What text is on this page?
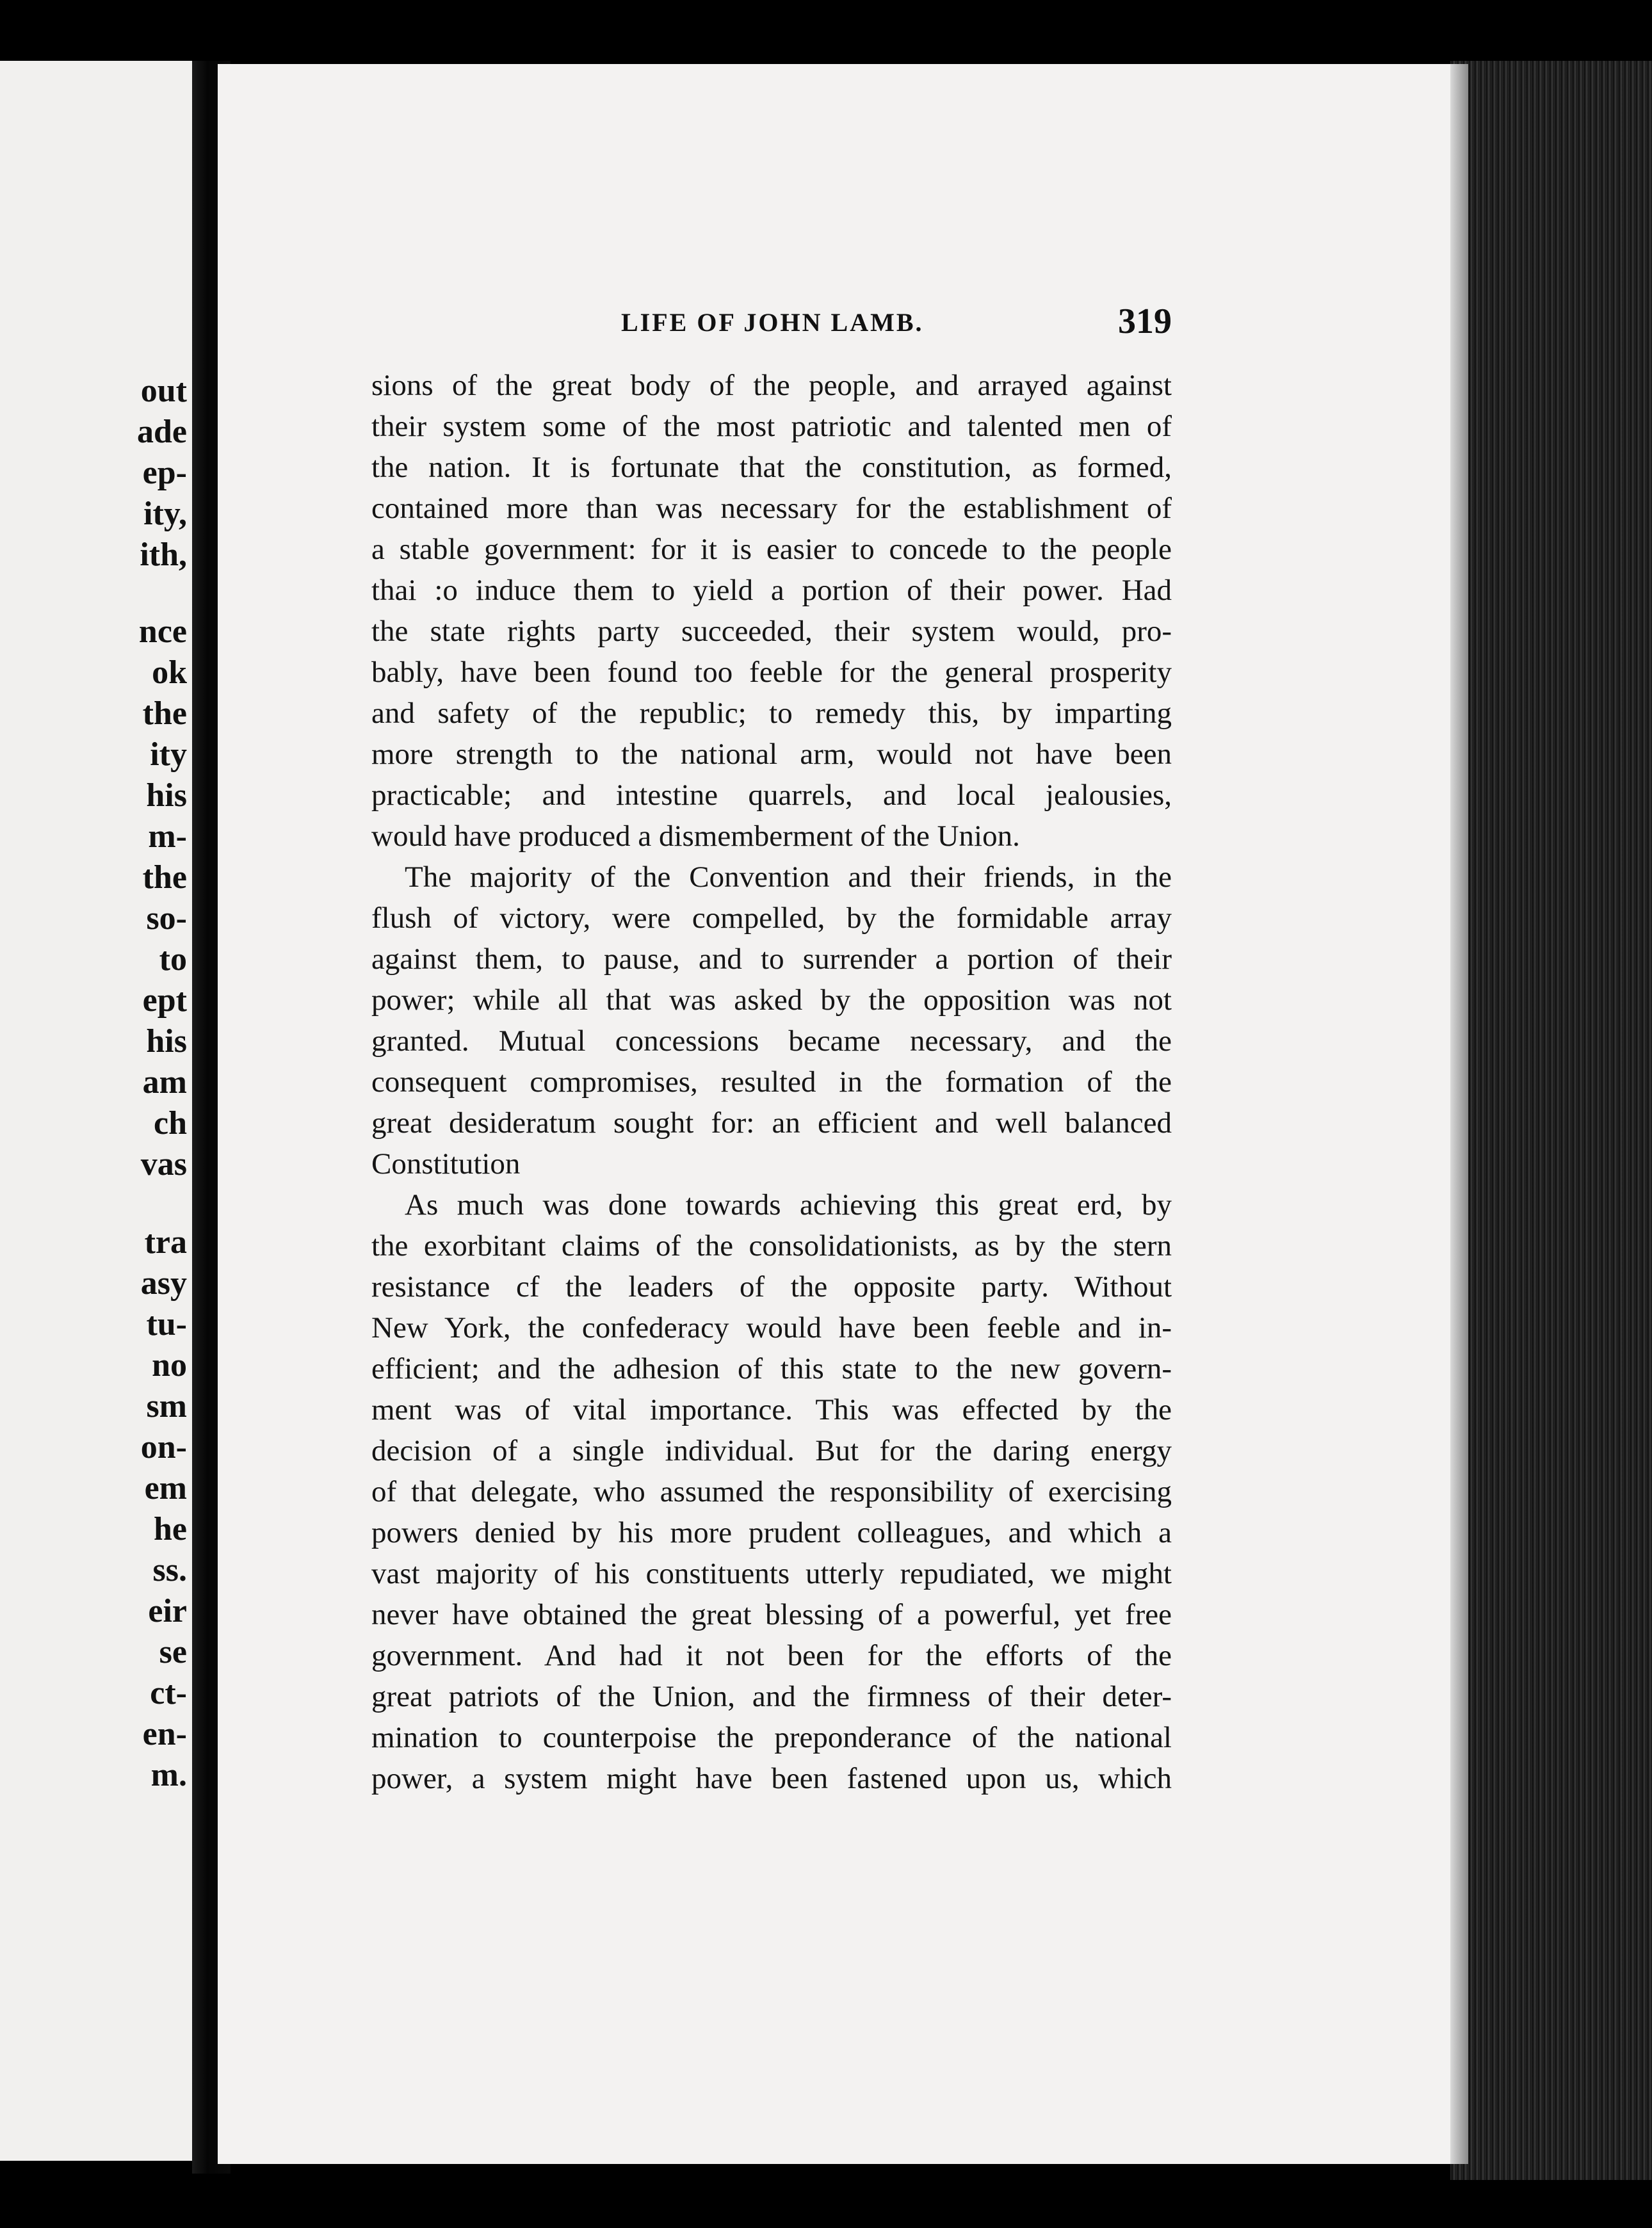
out
ade
ep-
ity,
ith,
nce
ok
the
ity
his
m-
the
so-
to
ept
his
am
ch
vas
tra
asy
tu-
no
sm
on-
em
he
ss.
eir
se
ct-
en-
m.
LIFE OF JOHN LAMB.	319
sions of the great body of the people, and arrayed against
their system some of the most patriotic and talented men of
the nation. It is fortunate that the constitution, as formed,
contained more than was necessary for the establishment of
a stable government: for it is easier to concede to the people
thai :o induce them to yield a portion of their power. Had
the state rights party succeeded, their system would, pro-
bably, have been found too feeble for the general prosperity
and safety of the republic; to remedy this, by imparting
more strength to the national arm, would not have been
practicable; and intestine quarrels, and local jealousies,
would have produced a dismemberment of the Union.
The majority of the Convention and their friends, in the
flush of victory, were compelled, by the formidable array
against them, to pause, and to surrender a portion of their
power; while all that was asked by the opposition was not
granted. Mutual concessions became necessary, and the
consequent compromises, resulted in the formation of the
great desideratum sought for: an efficient and well balanced
Constitution
As much was done towards achieving this great erd, by
the exorbitant claims of the consolidationists, as by the stern
resistance cf the leaders of the opposite party. Without
New York, the confederacy would have been feeble and in-
efficient; and the adhesion of this state to the new govern-
ment was of vital importance. This was effected by the
decision of a single individual. But for the daring energy
of that delegate, who assumed the responsibility of exercising
powers denied by his more prudent colleagues, and which a
vast majority of his constituents utterly repudiated, we might
never have obtained the great blessing of a powerful, yet free
government. And had it not been for the efforts of the
great patriots of the Union, and the firmness of their deter-
mination to counterpoise the preponderance of the national
power, a system might have been fastened upon us, which
